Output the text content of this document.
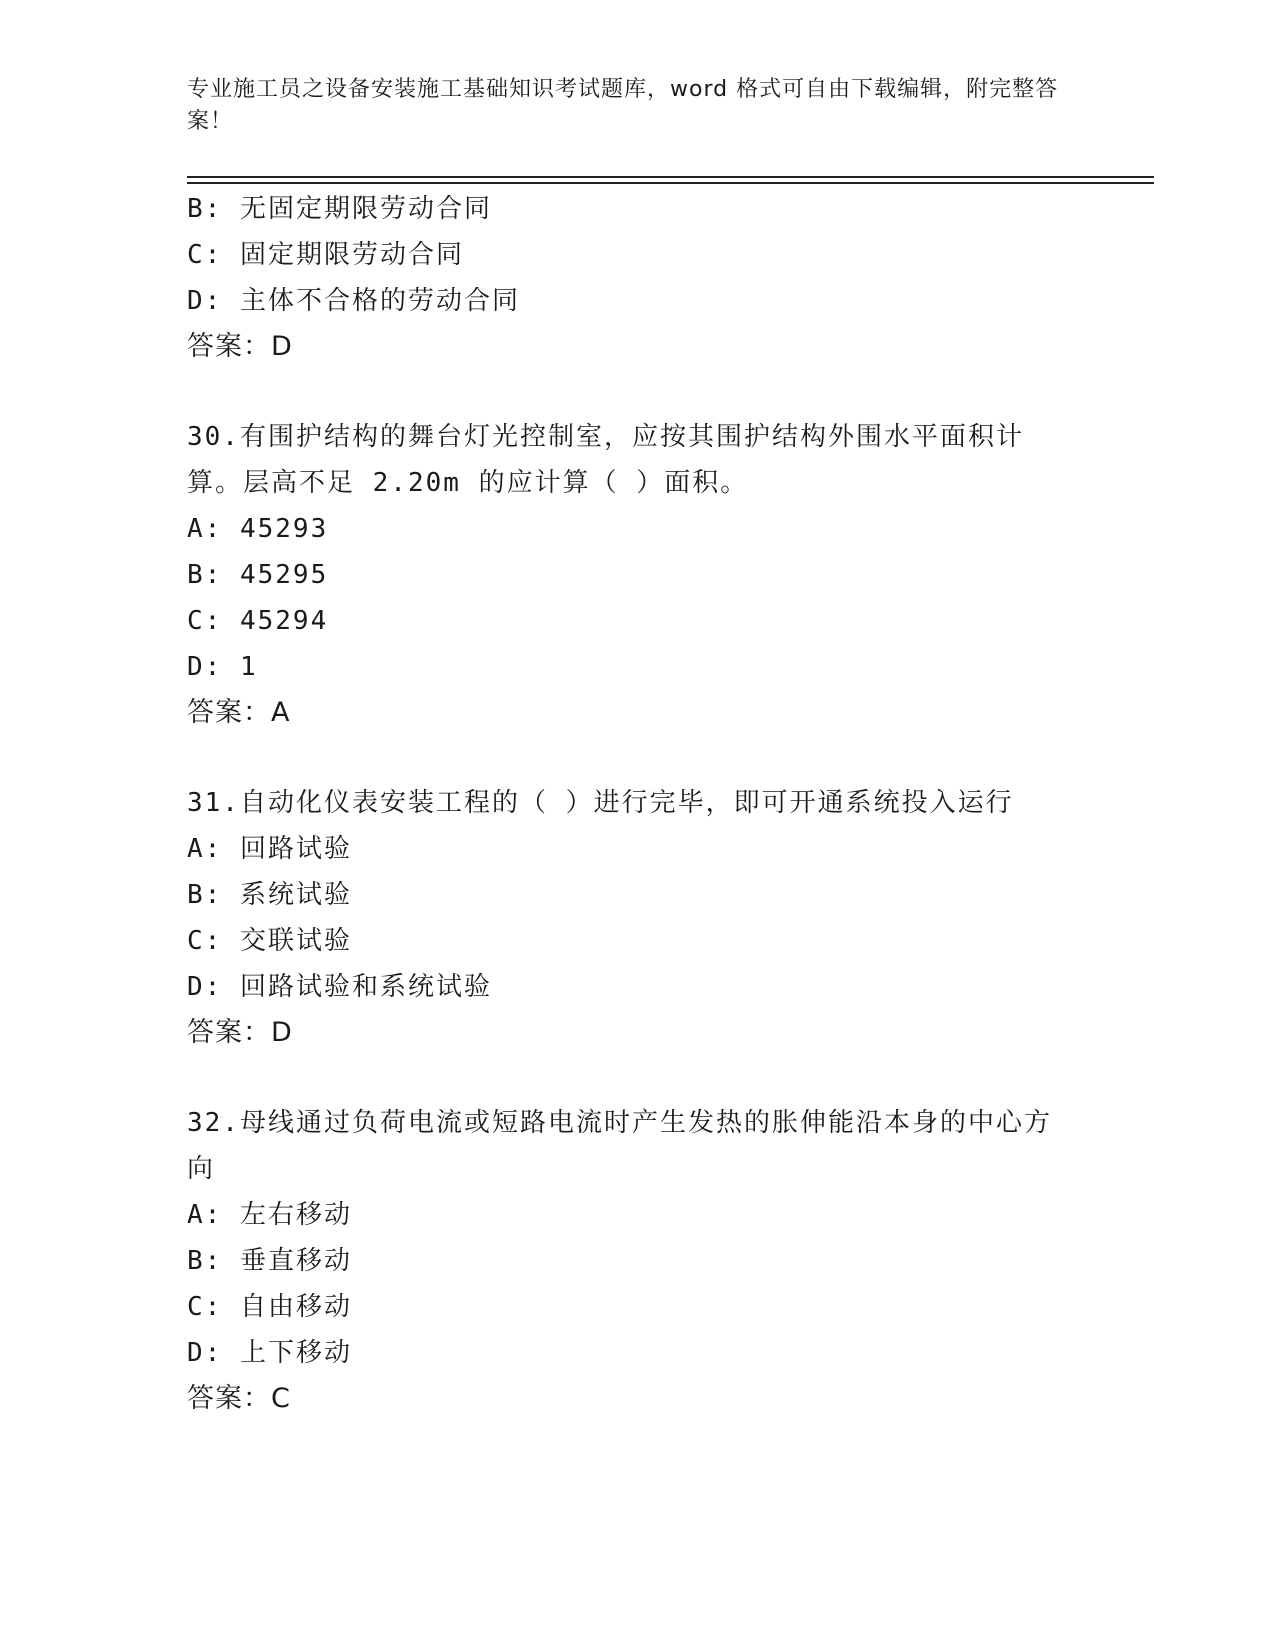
专业施工员之设备安装施工基础知识考试题库，word 格式可自由下载编辑，附完整答案！
B: 无固定期限劳动合同
C: 固定期限劳动合同
D: 主体不合格的劳动合同
答案：D
30.有围护结构的舞台灯光控制室，应按其围护结构外围水平面积计算。层高不足 2.20m 的应计算（ ）面积。
A: 45293
B: 45295
C: 45294
D: 1
答案：A
31.自动化仪表安装工程的（ ）进行完毕，即可开通系统投入运行
A: 回路试验
B: 系统试验
C: 交联试验
D: 回路试验和系统试验
答案：D
32.母线通过负荷电流或短路电流时产生发热的胀伸能沿本身的中心方向
A: 左右移动
B: 垂直移动
C: 自由移动
D: 上下移动
答案：C
